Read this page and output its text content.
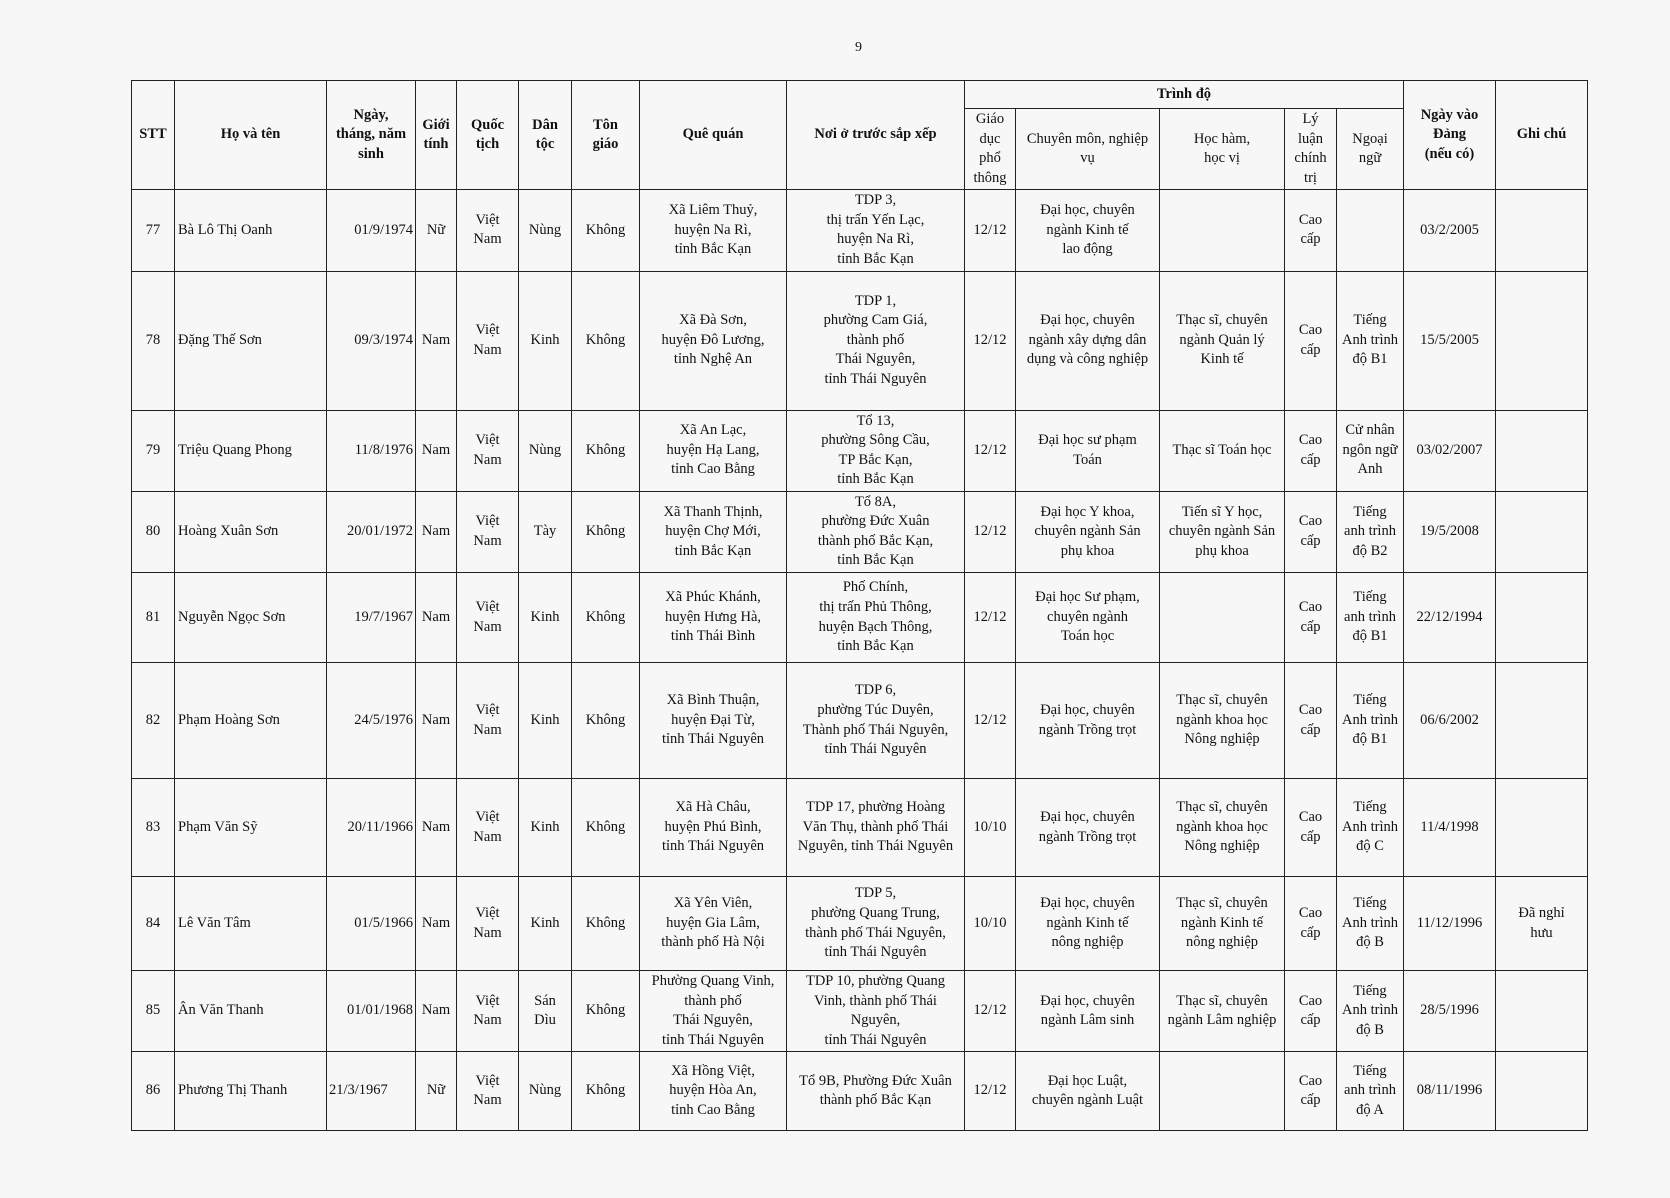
9
STT	Họ và tên	Ngày,
tháng, năm
sinh	Giới
tính	Quốc
tịch	Dân
tộc	Tôn
giáo	Quê quán	Nơi ở trước sắp xếp	Trình độ					Ngày vào
Đảng
(nếu có)	Ghi chú
									Giáo
dục
phổ
thông	Chuyên môn, nghiệp
vụ	Học hàm,
học vị	Lý
luận
chính
trị	Ngoại
ngữ		
77	Bà Lô Thị Oanh	01/9/1974	Nữ	Việt
Nam	Nùng	Không	Xã Liêm Thuỷ,
huyện Na Rì,
tỉnh Bắc Kạn	TDP 3,
thị trấn Yến Lạc,
huyện Na Rì,
tỉnh Bắc Kạn	12/12	Đại học, chuyên
ngành Kinh tế
lao động		Cao
cấp		03/2/2005	
78	Đặng Thế Sơn	09/3/1974	Nam	Việt
Nam	Kinh	Không	Xã Đà Sơn,
huyện Đô Lương,
tỉnh Nghệ An	TDP 1,
phường Cam Giá,
thành phố
Thái Nguyên,
tỉnh Thái Nguyên	12/12	Đại học, chuyên
ngành xây dựng dân
dụng và công nghiệp	Thạc sĩ, chuyên
ngành Quản lý
Kinh tế	Cao
cấp	Tiếng
Anh trình
độ B1	15/5/2005	
79	Triệu Quang Phong	11/8/1976	Nam	Việt
Nam	Nùng	Không	Xã An Lạc,
huyện Hạ Lang,
tỉnh Cao Bằng	Tổ 13,
phường Sông Cầu,
TP Bắc Kạn,
tỉnh Bắc Kạn	12/12	Đại học sư phạm
Toán	Thạc sĩ Toán học	Cao
cấp	Cử nhân
ngôn ngữ
Anh	03/02/2007	
80	Hoàng Xuân Sơn	20/01/1972	Nam	Việt
Nam	Tày	Không	Xã Thanh Thịnh,
huyện Chợ Mới,
tỉnh Bắc Kạn	Tổ 8A,
phường Đức Xuân
thành phố Bắc Kạn,
tỉnh Bắc Kạn	12/12	Đại học Y khoa,
chuyên ngành Sản
phụ khoa	Tiến sĩ Y học,
chuyên ngành Sản
phụ khoa	Cao
cấp	Tiếng
anh trình
độ B2	19/5/2008	
81	Nguyễn Ngọc Sơn	19/7/1967	Nam	Việt
Nam	Kinh	Không	Xã Phúc Khánh,
huyện Hưng Hà,
tỉnh Thái Bình	Phố Chính,
thị trấn Phủ Thông,
huyện Bạch Thông,
tỉnh Bắc Kạn	12/12	Đại học Sư phạm,
chuyên ngành
Toán học		Cao
cấp	Tiếng
anh trình
độ B1	22/12/1994	
82	Phạm Hoàng Sơn	24/5/1976	Nam	Việt
Nam	Kinh	Không	Xã Bình Thuận,
huyện Đại Từ,
tỉnh Thái Nguyên	TDP 6,
phường Túc Duyên,
Thành phố Thái Nguyên,
tỉnh Thái Nguyên	12/12	Đại học, chuyên
ngành Trồng trọt	Thạc sĩ, chuyên
ngành khoa học
Nông nghiệp	Cao
cấp	Tiếng
Anh trình
độ B1	06/6/2002	
83	Phạm Văn Sỹ	20/11/1966	Nam	Việt
Nam	Kinh	Không	Xã Hà Châu,
huyện Phú Bình,
tỉnh Thái Nguyên	TDP 17, phường Hoàng
Văn Thụ, thành phố Thái
Nguyên, tỉnh Thái Nguyên	10/10	Đại học, chuyên
ngành Trồng trọt	Thạc sĩ, chuyên
ngành khoa học
Nông nghiệp	Cao
cấp	Tiếng
Anh trình
độ C	11/4/1998	
84	Lê Văn Tâm	01/5/1966	Nam	Việt
Nam	Kinh	Không	Xã Yên Viên,
huyện Gia Lâm,
thành phố Hà Nội	TDP 5,
phường Quang Trung,
thành phố Thái Nguyên,
tỉnh Thái Nguyên	10/10	Đại học, chuyên
ngành Kinh tế
nông nghiệp	Thạc sĩ, chuyên
ngành Kinh tế
nông nghiệp	Cao
cấp	Tiếng
Anh trình
độ B	11/12/1996	Đã nghỉ
hưu
85	Ân Văn Thanh	01/01/1968	Nam	Việt
Nam	Sán
Dìu	Không	Phường Quang Vinh,
thành phố
Thái Nguyên,
tỉnh Thái Nguyên	TDP 10, phường Quang
Vinh, thành phố Thái
Nguyên,
tỉnh Thái Nguyên	12/12	Đại học, chuyên
ngành Lâm sinh	Thạc sĩ, chuyên
ngành Lâm nghiệp	Cao
cấp	Tiếng
Anh trình
độ B	28/5/1996	
86	Phương Thị Thanh	21/3/1967	Nữ	Việt
Nam	Nùng	Không	Xã Hồng Việt,
huyện Hòa An,
tỉnh Cao Bằng	Tổ 9B, Phường Đức Xuân
thành phố Bắc Kạn	12/12	Đại học Luật,
chuyên ngành Luật		Cao
cấp	Tiếng
anh trình
độ A	08/11/1996	
